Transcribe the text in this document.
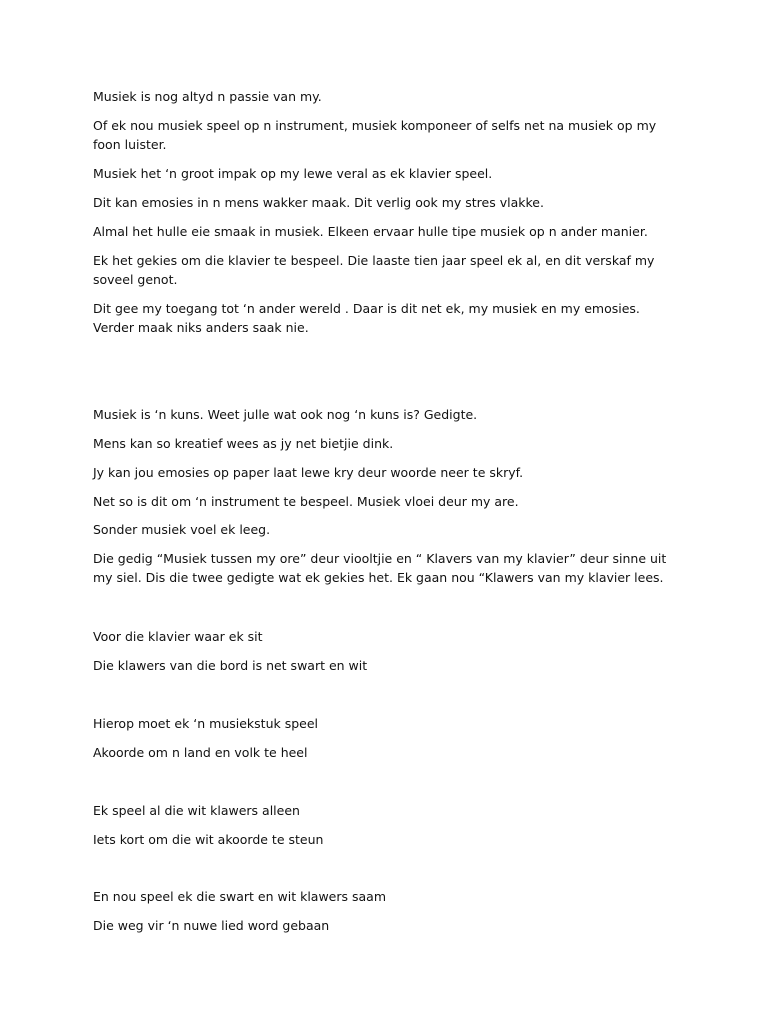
Musiek is nog altyd n passie van my.
Of ek nou musiek speel op n instrument, musiek komponeer of selfs net na musiek op my
foon luister.
Musiek het ‘n groot impak op my lewe veral as ek klavier speel.
Dit kan emosies in n mens wakker maak. Dit verlig ook my stres vlakke.
Almal het hulle eie smaak in musiek. Elkeen ervaar hulle tipe musiek op n ander manier.
Ek het gekies om die klavier te bespeel. Die laaste tien jaar speel ek al, en dit verskaf my
soveel genot.
Dit gee my toegang tot ‘n ander wereld . Daar is dit net ek, my musiek en my emosies.
Verder maak niks anders saak nie.
Musiek is ‘n kuns. Weet julle wat ook nog ‘n kuns is? Gedigte.
Mens kan so kreatief wees as jy net bietjie dink.
Jy kan jou emosies op paper laat lewe kry deur woorde neer te skryf.
Net so is dit om ‘n instrument te bespeel. Musiek vloei deur my are.
Sonder musiek voel ek leeg.
Die gedig “Musiek tussen my ore” deur viooltjie en “ Klavers van my klavier” deur sinne uit
my siel. Dis die twee gedigte wat ek gekies het. Ek gaan nou “Klawers van my klavier lees.
Voor die klavier waar ek sit
Die klawers van die bord is net swart en wit
Hierop moet ek ‘n musiekstuk speel
Akoorde om n land en volk te heel
Ek speel al die wit klawers alleen
Iets kort om die wit akoorde te steun
En nou speel ek die swart en wit klawers saam
Die weg vir ‘n nuwe lied word gebaan
